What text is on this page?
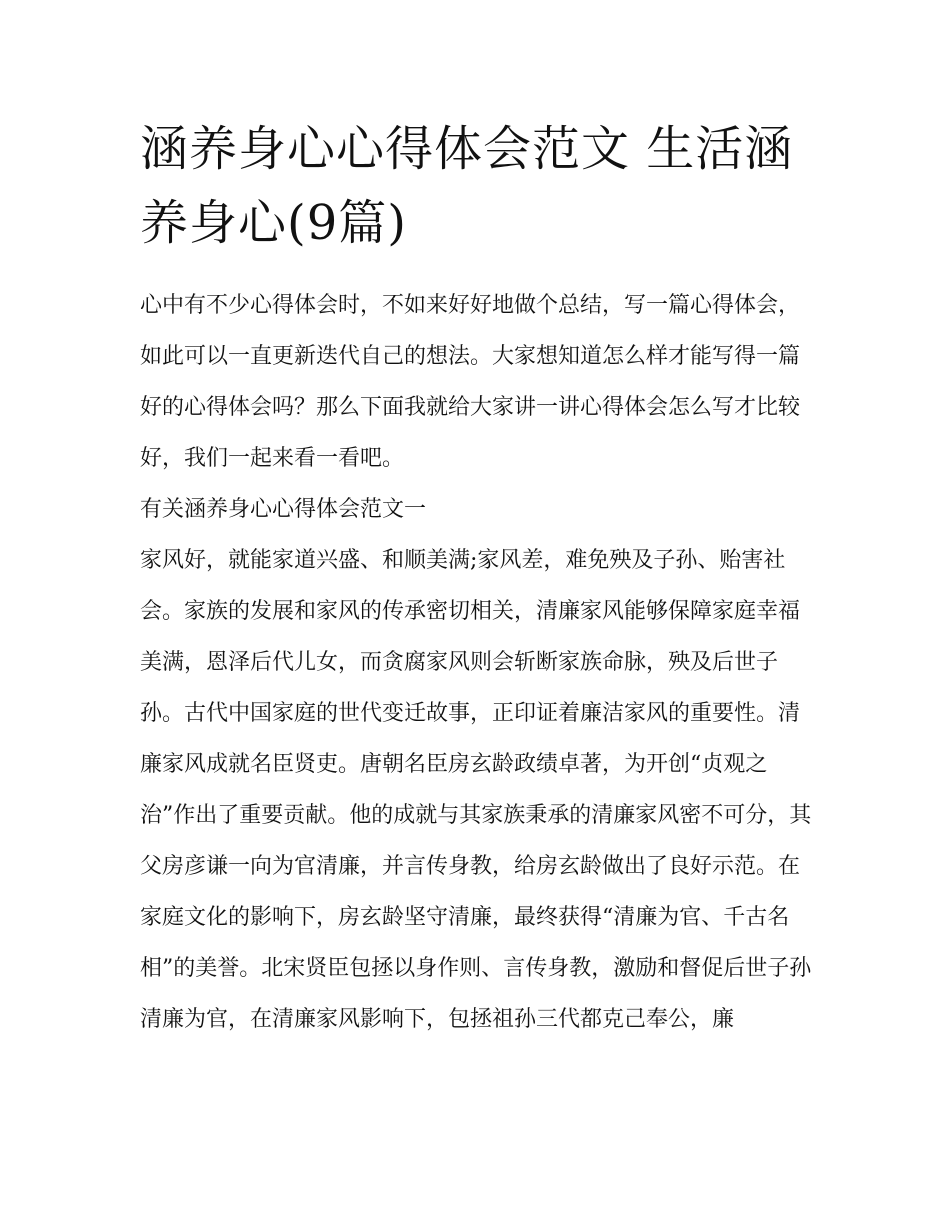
涵养身心心得体会范文 生活涵养身心(9篇)

心中有不少心得体会时，不如来好好地做个总结，写一篇心得体会，如此可以一直更新迭代自己的想法。大家想知道怎么样才能写得一篇好的心得体会吗？那么下面我就给大家讲一讲心得体会怎么写才比较好，我们一起来看一看吧。

有关涵养身心心得体会范文一

家风好，就能家道兴盛、和顺美满;家风差，难免殃及子孙、贻害社会。家族的发展和家风的传承密切相关，清廉家风能够保障家庭幸福美满，恩泽后代儿女，而贪腐家风则会斩断家族命脉，殃及后世子孙。古代中国家庭的世代变迁故事，正印证着廉洁家风的重要性。清廉家风成就名臣贤吏。唐朝名臣房玄龄政绩卓著，为开创“贞观之治”作出了重要贡献。他的成就与其家族秉承的清廉家风密不可分，其父房彦谦一向为官清廉，并言传身教，给房玄龄做出了良好示范。在家庭文化的影响下，房玄龄坚守清廉，最终获得“清廉为官、千古名相”的美誉。北宋贤臣包拯以身作则、言传身教，激励和督促后世子孙清廉为官，在清廉家风影响下，包拯祖孙三代都克己奉公，廉
